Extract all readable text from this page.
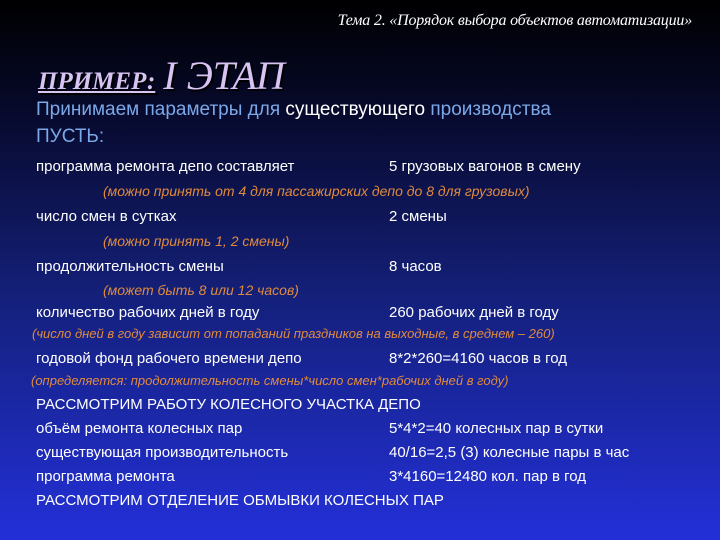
Тема 2. «Порядок выбора объектов автоматизации»
ПРИМЕР: I ЭТАП
Принимаем параметры для существующего производства
ПУСТЬ:
программа ремонта депо составляет	5 грузовых вагонов в смену
(можно принять от 4 для пассажирских депо до 8 для грузовых)
число смен в сутках	2 смены
(можно принять 1, 2 смены)
продолжительность смены	8 часов
(может быть 8 или 12 часов)
количество рабочих дней в году	260 рабочих дней в году
(число дней в году зависит от попаданий праздников на выходные, в среднем – 260)
годовой фонд рабочего времени депо	8*2*260=4160 часов в год
(определяется: продолжительность смены*число смен*рабочих дней в году)
РАССМОТРИМ РАБОТУ КОЛЕСНОГО УЧАСТКА ДЕПО
объём ремонта колесных пар	5*4*2=40 колесных пар в сутки
существующая производительность	40/16=2,5 (3) колесные пары в час
программа ремонта	3*4160=12480 кол. пар в год
РАССМОТРИМ ОТДЕЛЕНИЕ ОБМЫВКИ КОЛЕСНЫХ ПАР
